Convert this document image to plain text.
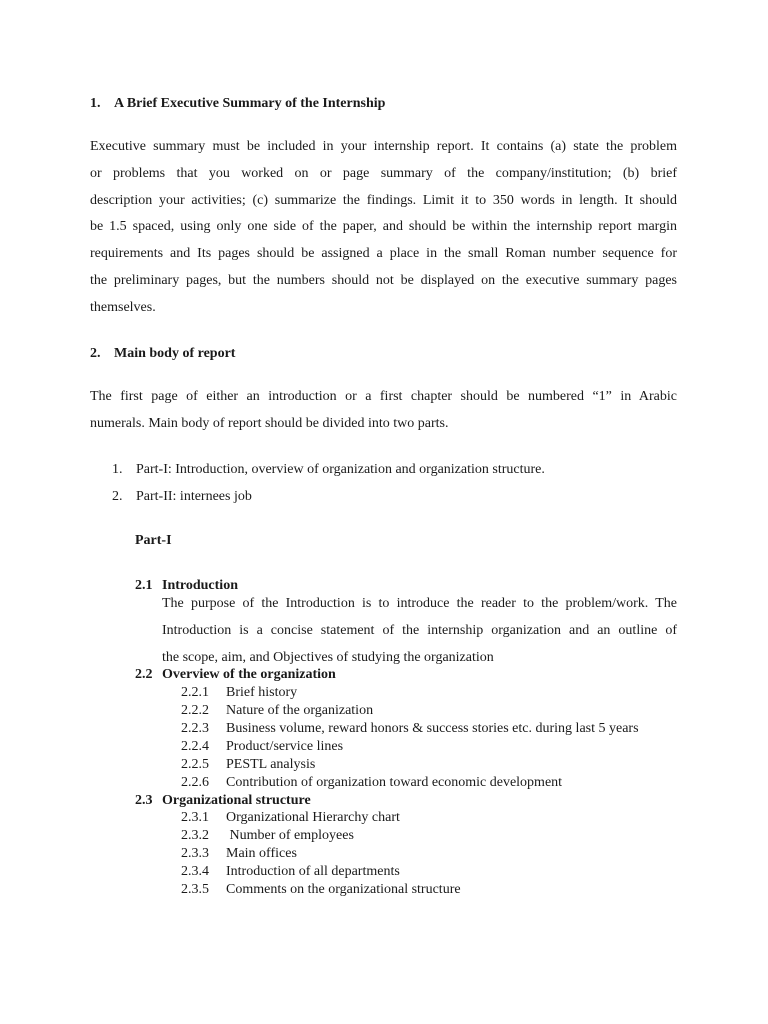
1. A Brief Executive Summary of the Internship
Executive summary must be included in your internship report. It contains (a) state the problem
or problems that you worked on or page summary of the company/institution; (b) brief
description your activities; (c) summarize the findings. Limit it to 350 words in length. It should
be 1.5 spaced, using only one side of the paper, and should be within the internship report margin
requirements and Its pages should be assigned a place in the small Roman number sequence for
the preliminary pages, but the numbers should not be displayed on the executive summary pages
themselves.
2. Main body of report
The first page of either an introduction or a first chapter should be numbered “1” in Arabic
numerals. Main body of report should be divided into two parts.
1. Part-I: Introduction, overview of organization and organization structure.
2. Part-II: internees job
Part-I
2.1 Introduction
The purpose of the Introduction is to introduce the reader to the problem/work. The
Introduction is a concise statement of the internship organization and an outline of
the scope, aim, and Objectives of studying the organization
2.2 Overview of the organization
2.2.1 Brief history
2.2.2 Nature of the organization
2.2.3 Business volume, reward honors & success stories etc. during last 5 years
2.2.4 Product/service lines
2.2.5 PESTL analysis
2.2.6 Contribution of organization toward economic development
2.3 Organizational structure
2.3.1 Organizational Hierarchy chart
2.3.2 Number of employees
2.3.3 Main offices
2.3.4 Introduction of all departments
2.3.5 Comments on the organizational structure
